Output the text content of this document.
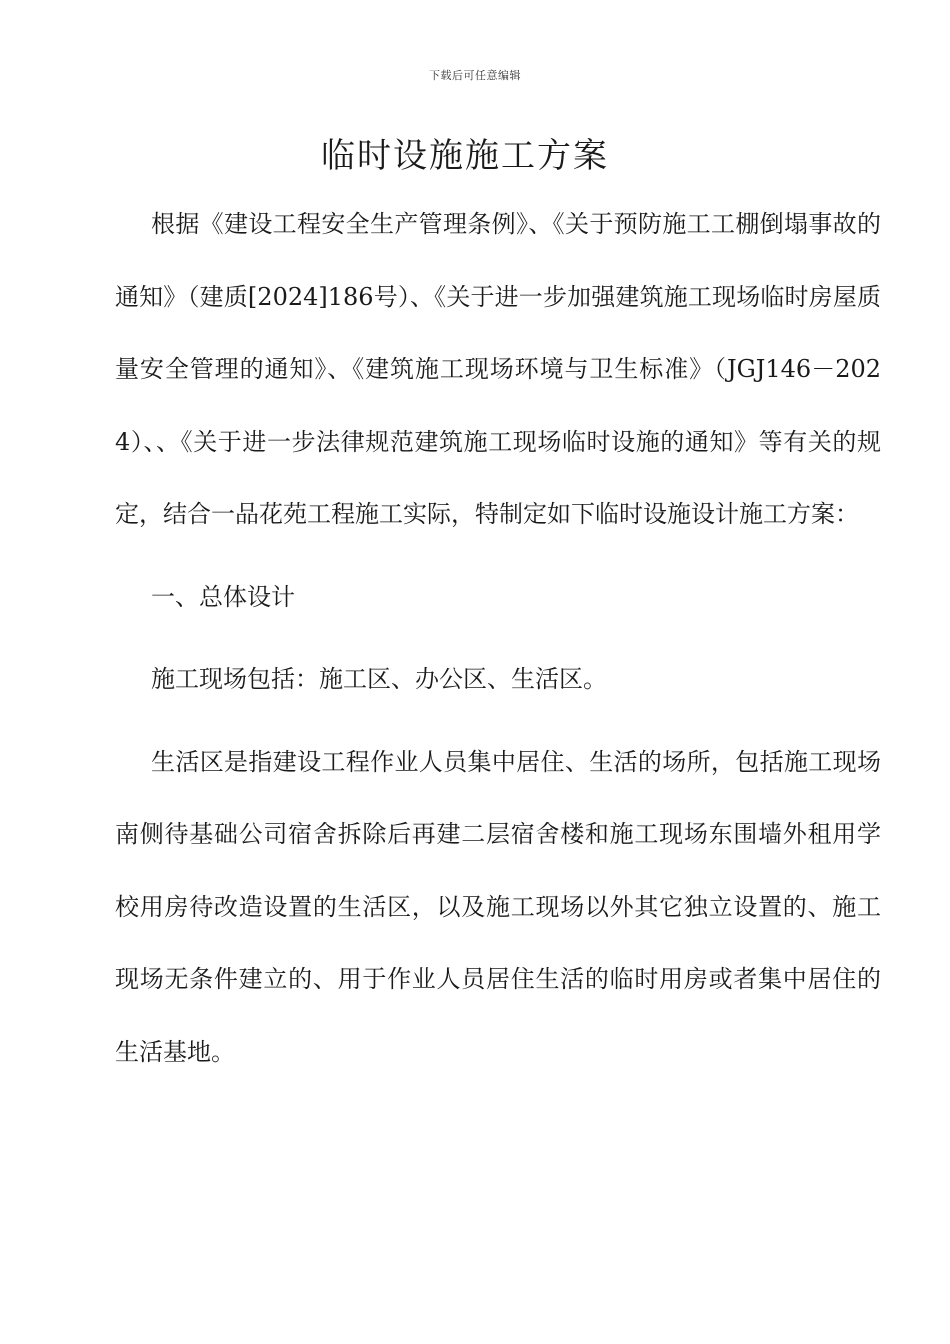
下载后可任意编辑
临时设施施工方案

根据《建设工程安全生产管理条例》、《关于预防施工工棚倒塌事故的通知》（建质[2024]186号）、《关于进一步加强建筑施工现场临时房屋质量安全管理的通知》、《建筑施工现场环境与卫生标准》（JGJ146－2024）、、《关于进一步法律规范建筑施工现场临时设施的通知》等有关的规定，结合一品花苑工程施工实际，特制定如下临时设施设计施工方案：

一、总体设计

施工现场包括：施工区、办公区、生活区。

生活区是指建设工程作业人员集中居住、生活的场所，包括施工现场南侧待基础公司宿舍拆除后再建二层宿舍楼和施工现场东围墙外租用学校用房待改造设置的生活区，以及施工现场以外其它独立设置的、施工现场无条件建立的、用于作业人员居住生活的临时用房或者集中居住的生活基地。
